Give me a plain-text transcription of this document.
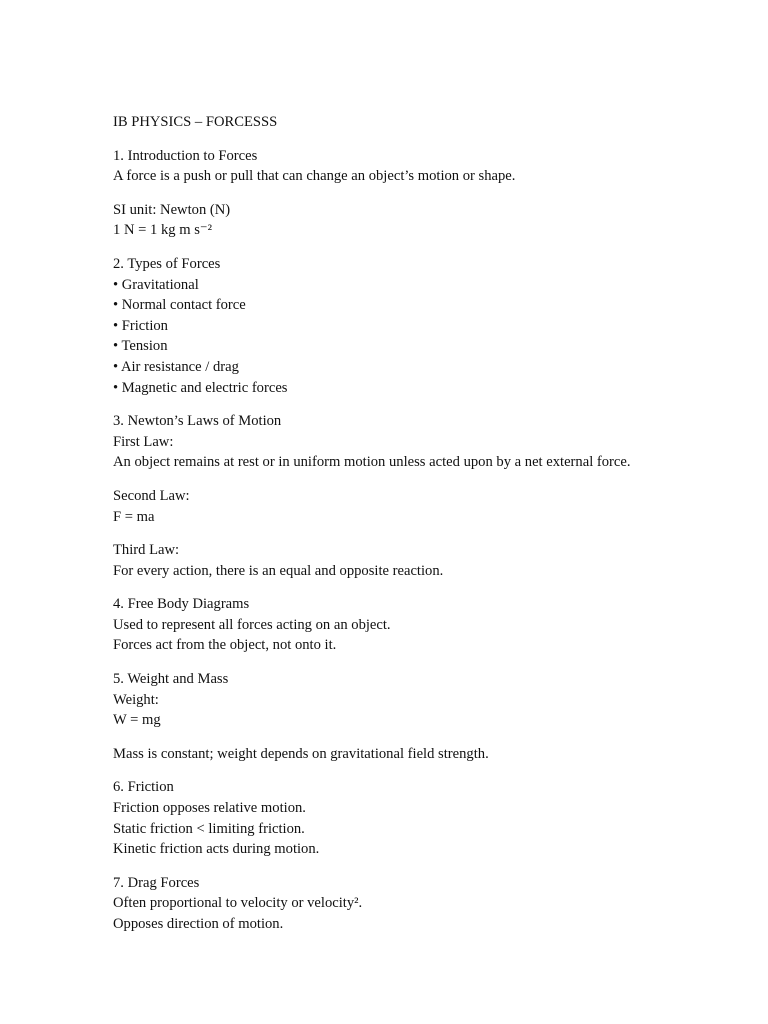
IB PHYSICS – FORCESSS

1. Introduction to Forces

A force is a push or pull that can change an object’s motion or shape.

SI unit: Newton (N)

1 N = 1 kg m s⁻²

2. Types of Forces

• Gravitational

• Normal contact force

• Friction

• Tension

• Air resistance / drag

• Magnetic and electric forces

3. Newton’s Laws of Motion

First Law:

An object remains at rest or in uniform motion unless acted upon by a net external force.

Second Law:

F = ma

Third Law:

For every action, there is an equal and opposite reaction.

4. Free Body Diagrams

Used to represent all forces acting on an object.

Forces act from the object, not onto it.

5. Weight and Mass

Weight:

W = mg

Mass is constant; weight depends on gravitational field strength.

6. Friction

Friction opposes relative motion.

Static friction < limiting friction.

Kinetic friction acts during motion.

7. Drag Forces

Often proportional to velocity or velocity².

Opposes direction of motion.
